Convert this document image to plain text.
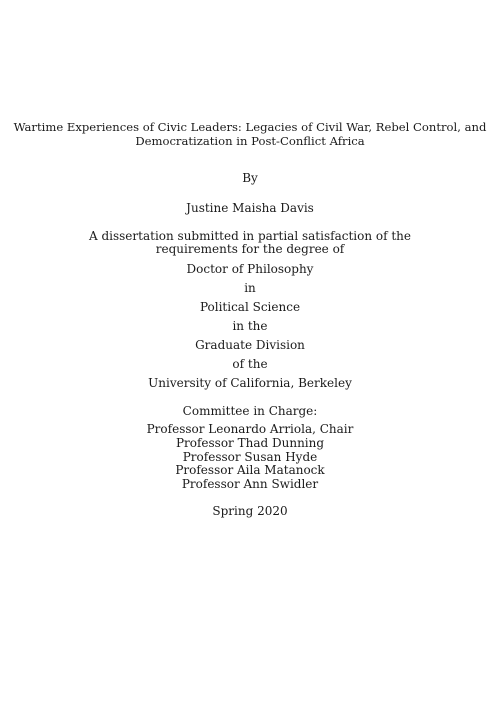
Wartime Experiences of Civic Leaders: Legacies of Civil War, Rebel Control, and
Democratization in Post-Conflict Africa
By
Justine Maisha Davis
A dissertation submitted in partial satisfaction of the
requirements for the degree of
Doctor of Philosophy
in
Political Science
in the
Graduate Division
of the
University of California, Berkeley
Committee in Charge:
Professor Leonardo Arriola, Chair
Professor Thad Dunning
Professor Susan Hyde
Professor Aila Matanock
Professor Ann Swidler
Spring 2020
